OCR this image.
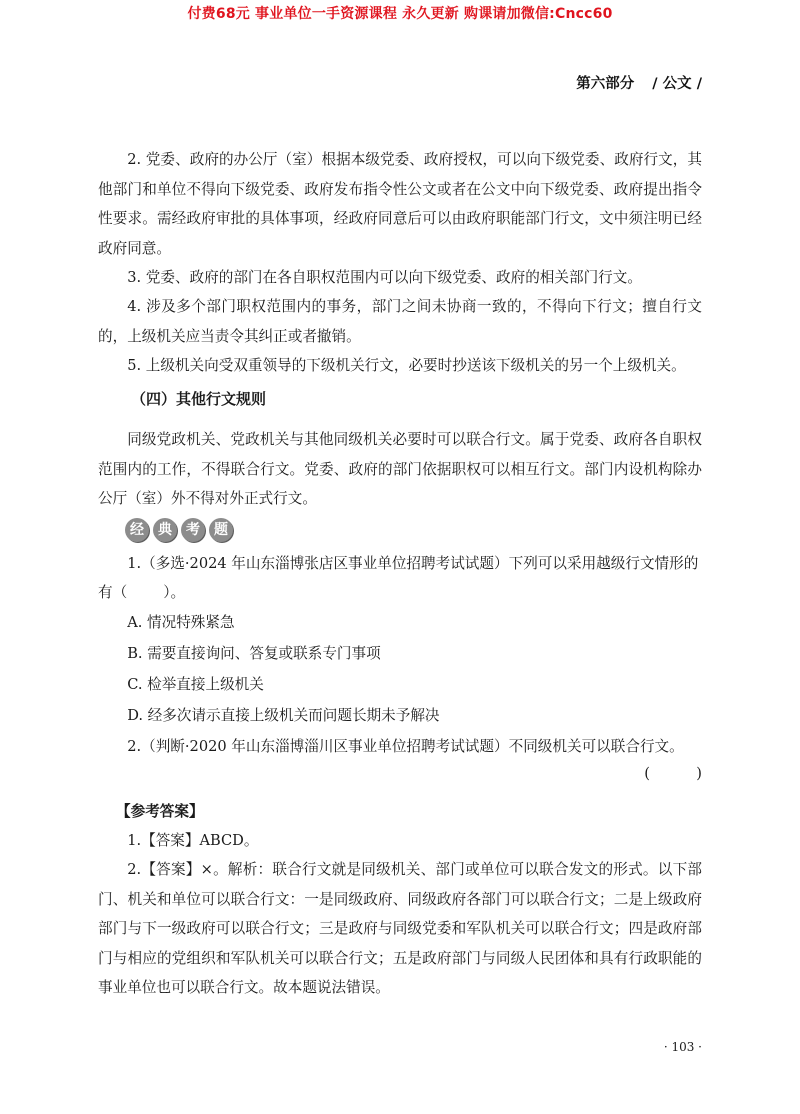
付费68元 事业单位一手资源课程 永久更新 购课请加微信:Cncc60
第六部分 / 公文 /
2. 党委、政府的办公厅（室）根据本级党委、政府授权，可以向下级党委、政府行文，其他部门和单位不得向下级党委、政府发布指令性公文或者在公文中向下级党委、政府提出指令性要求。需经政府审批的具体事项，经政府同意后可以由政府职能部门行文，文中须注明已经政府同意。
3. 党委、政府的部门在各自职权范围内可以向下级党委、政府的相关部门行文。
4. 涉及多个部门职权范围内的事务，部门之间未协商一致的，不得向下行文；擅自行文的，上级机关应当责令其纠正或者撤销。
5. 上级机关向受双重领导的下级机关行文，必要时抄送该下级机关的另一个上级机关。
（四）其他行文规则
同级党政机关、党政机关与其他同级机关必要时可以联合行文。属于党委、政府各自职权范围内的工作，不得联合行文。党委、政府的部门依据职权可以相互行文。部门内设机构除办公厅（室）外不得对外正式行文。
经	典	考	题
1.（多选·2024 年山东淄博张店区事业单位招聘考试试题）下列可以采用越级行文情形的
有（ ）。
A. 情况特殊紧急
B. 需要直接询问、答复或联系专门事项
C. 检举直接上级机关
D. 经多次请示直接上级机关而问题长期未予解决
2.（判断·2020 年山东淄博淄川区事业单位招聘考试试题）不同级机关可以联合行文。
(          )
【参考答案】
1.【答案】ABCD。
2.【答案】×。解析：联合行文就是同级机关、部门或单位可以联合发文的形式。以下部门、机关和单位可以联合行文：一是同级政府、同级政府各部门可以联合行文；二是上级政府部门与下一级政府可以联合行文；三是政府与同级党委和军队机关可以联合行文；四是政府部门与相应的党组织和军队机关可以联合行文；五是政府部门与同级人民团体和具有行政职能的事业单位也可以联合行文。故本题说法错误。
· 103 ·
